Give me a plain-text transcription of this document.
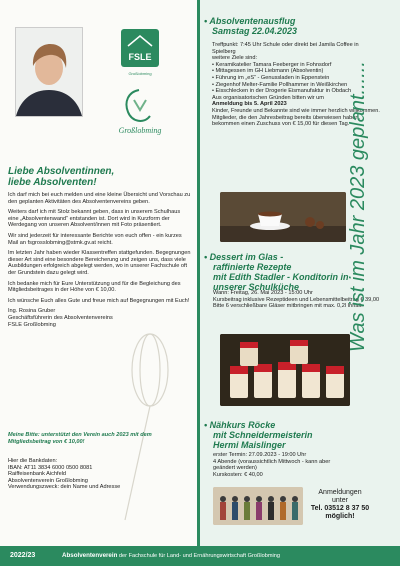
FSLE
Großlobming
Großlobming
Liebe Absolventinnen,
liebe Absolventen!

Ich darf mich bei euch melden und eine kleine Übersicht und Vorschau zu den geplanten Aktivitäten des Absolventenvereins geben.

Weiters darf ich mit Stolz bekannt geben, dass in unserem Schulhaus eine „Absolventenwand“ entstanden ist. Dort wird in Kurzform der Werdegang von unseren Absolvent/innen mit Foto präsentiert.

Wir sind jederzeit für interessante Berichte von euch offen - ein kurzes Mail an fsgrosslobming@stmk.gv.at reicht.

Im letzten Jahr haben wieder Klassentreffen stattgefunden. Begegnungen dieser Art sind eine besondere Bereicherung und zeigen uns, dass viele Ausbildungen erfolgreich abgelegt werden, wo in unserer Fachschule oft der Grundstein dazu gelegt wird.

Ich bedanke mich für Eure Unterstützung und für die Begleichung des Mitgliedsbeitrages in der Höhe von € 10,00.

Ich wünsche Euch alles Gute und freue mich auf Begegnungen mit Euch!

Ing. Rosina Gruber
Geschäftsführerin des Absolventenvereins
FSLE Großlobming
Meine Bitte: unterstützt den Verein auch 2023 mit dem Mitgliedsbeitrag von € 10,00!
Hier die Bankdaten:
IBAN: AT11 3834 6000 0500 8081
Raiffeisenbank Aichfeld
Absolventenverein Großlobming
Verwendungszweck: dein Name und Adresse
• Absolventenausflug
Samstag 22.04.2023

Treffpunkt: 7:45 Uhr Schule oder direkt bei Jamila Coffee in Spielberg

weitere Ziele sind:

• Keramikatelier Tamara Feeberger in Fohnsdorf
• Mittagessen im GH Liebmann (Absolventin)
• Führung im „eS“ - Genussladen in Eppenstein
• Ziegenhof Melter-Familie Pollhammer in Weißkirchen
• Eisschlecken in der Drogerie Eismanufaktur in Obdach

Aus organisatorischen Gründen bitten wir um

Anmeldung bis 5. April 2023

Kinder, Freunde und Bekannte sind wie immer herzlich willkommen.

Mitglieder, die den Jahresbeitrag bereits überwiesen haben, bekommen einen Zuschuss von € 15,00 für diesen Tag.

• Dessert im Glas -
raffinierte Rezepte
mit Edith Stadler - Konditorin in
unserer Schulküche
Wann: Freitag, 26. Mai 2023 - 15:00 Uhr
Kursbeitrag inklusive Rezeptideen und Lebensmittelbeitrag € 39,00
Bitte 6 verschließbare Gläser mitbringen mit max. 0,2l Inhalt.
• Nähkurs Röcke
mit Schneidermeisterin
Hermi Maislinger
erster Termin: 27.09.2023 - 19:00 Uhr
4 Abende (voraussichtlich Mittwoch - kann aber geändert werden)
Kurskosten: € 40,00
Anmeldungen
unter
Tel. 03512 8 37 50
möglich!
Was ist im Jahr 2023 geplant......
2022/23	Absolventenverein der Fachschule für Land- und Ernährungswirtschaft Großlobming
